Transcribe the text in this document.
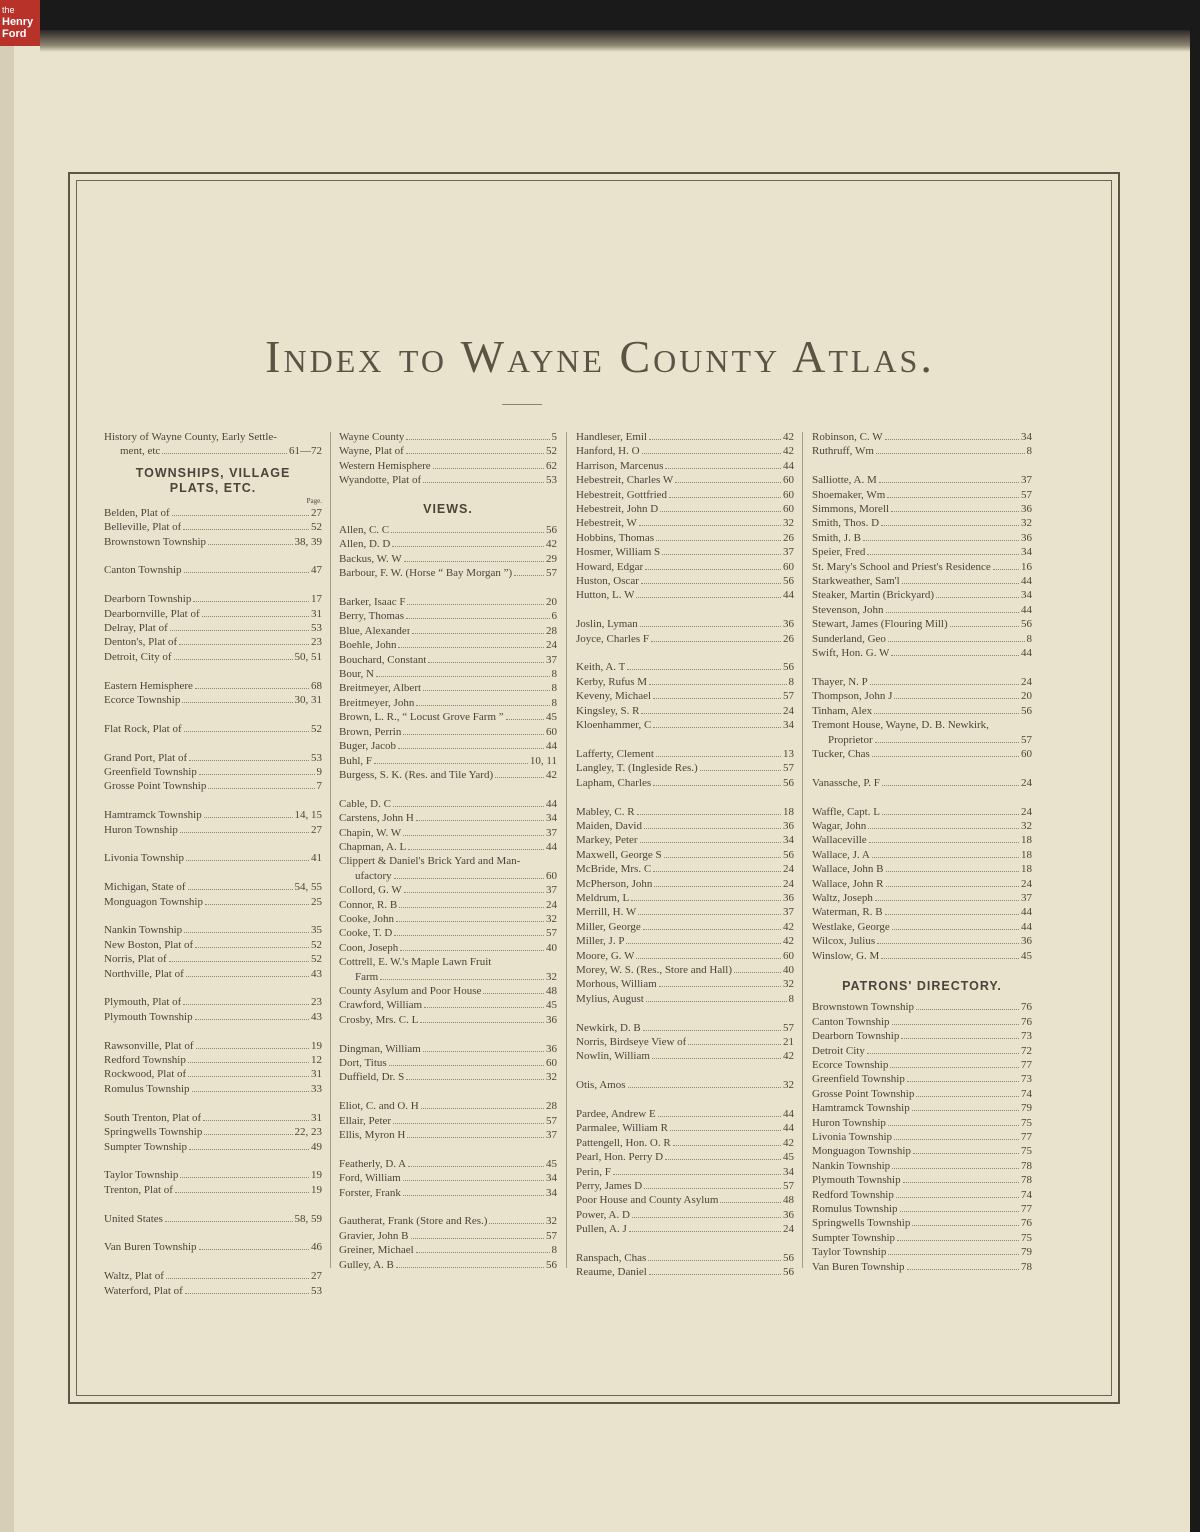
the
Henry
Ford
Index to Wayne County Atlas.
History of Wayne County, Early Settle-
ment, etc	61—72
TOWNSHIPS, VILLAGE PLATS, ETC.
Page.
Belden, Plat of	27
Belleville, Plat of	52
Brownstown Township	38, 39
Canton Township	47
Dearborn Township	17
Dearbornville, Plat of	31
Delray, Plat of	53
Denton's, Plat of	23
Detroit, City of	50, 51
Eastern Hemisphere	68
Ecorce Township	30, 31
Flat Rock, Plat of	52
Grand Port, Plat of	53
Greenfield Township	9
Grosse Point Township	7
Hamtramck Township	14, 15
Huron Township	27
Livonia Township	41
Michigan, State of	54, 55
Monguagon Township	25
Nankin Township	35
New Boston, Plat of	52
Norris, Plat of	52
Northville, Plat of	43
Plymouth, Plat of	23
Plymouth Township	43
Rawsonville, Plat of	19
Redford Township	12
Rockwood, Plat of	31
Romulus Township	33
South Trenton, Plat of	31
Springwells Township	22, 23
Sumpter Township	49
Taylor Township	19
Trenton, Plat of	19
United States	58, 59
Van Buren Township	46
Waltz, Plat of	27
Waterford, Plat of	53
Wayne County	5
Wayne, Plat of	52
Western Hemisphere	62
Wyandotte, Plat of	53
VIEWS.
Allen, C. C	56
Allen, D. D	42
Backus, W. W	29
Barbour, F. W. (Horse “ Bay Morgan ”)	57
Barker, Isaac F	20
Berry, Thomas	6
Blue, Alexander	28
Boehle, John	24
Bouchard, Constant	37
Bour, N	8
Breitmeyer, Albert	8
Breitmeyer, John	8
Brown, L. R., “ Locust Grove Farm ”	45
Brown, Perrin	60
Buger, Jacob	44
Buhl, F	10, 11
Burgess, S. K. (Res. and Tile Yard)	42
Cable, D. C	44
Carstens, John H	34
Chapin, W. W	37
Chapman, A. L	44
Clippert & Daniel's Brick Yard and Man-
ufactory	60
Collord, G. W	37
Connor, R. B	24
Cooke, John	32
Cooke, T. D	57
Coon, Joseph	40
Cottrell, E. W.'s Maple Lawn Fruit
Farm	32
County Asylum and Poor House	48
Crawford, William	45
Crosby, Mrs. C. L	36
Dingman, William	36
Dort, Titus	60
Duffield, Dr. S	32
Eliot, C. and O. H	28
Ellair, Peter	57
Ellis, Myron H	37
Featherly, D. A	45
Ford, William	34
Forster, Frank	34
Gautherat, Frank (Store and Res.)	32
Gravier, John B	57
Greiner, Michael	8
Gulley, A. B	56
Handleser, Emil	42
Hanford, H. O	42
Harrison, Marcenus	44
Hebestreit, Charles W	60
Hebestreit, Gottfried	60
Hebestreit, John D	60
Hebestreit, W	32
Hobbins, Thomas	26
Hosmer, William S	37
Howard, Edgar	60
Huston, Oscar	56
Hutton, L. W	44
Joslin, Lyman	36
Joyce, Charles F	26
Keith, A. T	56
Kerby, Rufus M	8
Keveny, Michael	57
Kingsley, S. R	24
Kloenhammer, C	34
Lafferty, Clement	13
Langley, T. (Ingleside Res.)	57
Lapham, Charles	56
Mabley, C. R	18
Maiden, David	36
Markey, Peter	34
Maxwell, George S	56
McBride, Mrs. C	24
McPherson, John	24
Meldrum, L	36
Merrill, H. W	37
Miller, George	42
Miller, J. P	42
Moore, G. W	60
Morey, W. S. (Res., Store and Hall)	40
Morhous, William	32
Mylius, August	8
Newkirk, D. B	57
Norris, Birdseye View of	21
Nowlin, William	42
Otis, Amos	32
Pardee, Andrew E	44
Parmalee, William R	44
Pattengell, Hon. O. R	42
Pearl, Hon. Perry D	45
Perin, F	34
Perry, James D	57
Poor House and County Asylum	48
Power, A. D	36
Pullen, A. J	24
Ranspach, Chas	56
Reaume, Daniel	56
Robinson, C. W	34
Ruthruff, Wm	8
Salliotte, A. M	37
Shoemaker, Wm	57
Simmons, Morell	36
Smith, Thos. D	32
Smith, J. B	36
Speier, Fred	34
St. Mary's School and Priest's Residence	16
Starkweather, Sam'l	44
Steaker, Martin (Brickyard)	34
Stevenson, John	44
Stewart, James (Flouring Mill)	56
Sunderland, Geo	8
Swift, Hon. G. W	44
Thayer, N. P	24
Thompson, John J	20
Tinham, Alex	56
Tremont House, Wayne, D. B. Newkirk,
Proprietor	57
Tucker, Chas	60
Vanassche, P. F	24
Waffle, Capt. L	24
Wagar, John	32
Wallaceville	18
Wallace, J. A	18
Wallace, John B	18
Wallace, John R	24
Waltz, Joseph	37
Waterman, R. B	44
Westlake, George	44
Wilcox, Julius	36
Winslow, G. M	45
PATRONS' DIRECTORY.
Brownstown Township	76
Canton Township	76
Dearborn Township	73
Detroit City	72
Ecorce Township	77
Greenfield Township	73
Grosse Point Township	74
Hamtramck Township	79
Huron Township	75
Livonia Township	77
Monguagon Township	75
Nankin Township	78
Plymouth Township	78
Redford Township	74
Romulus Township	77
Springwells Township	76
Sumpter Township	75
Taylor Township	79
Van Buren Township	78
